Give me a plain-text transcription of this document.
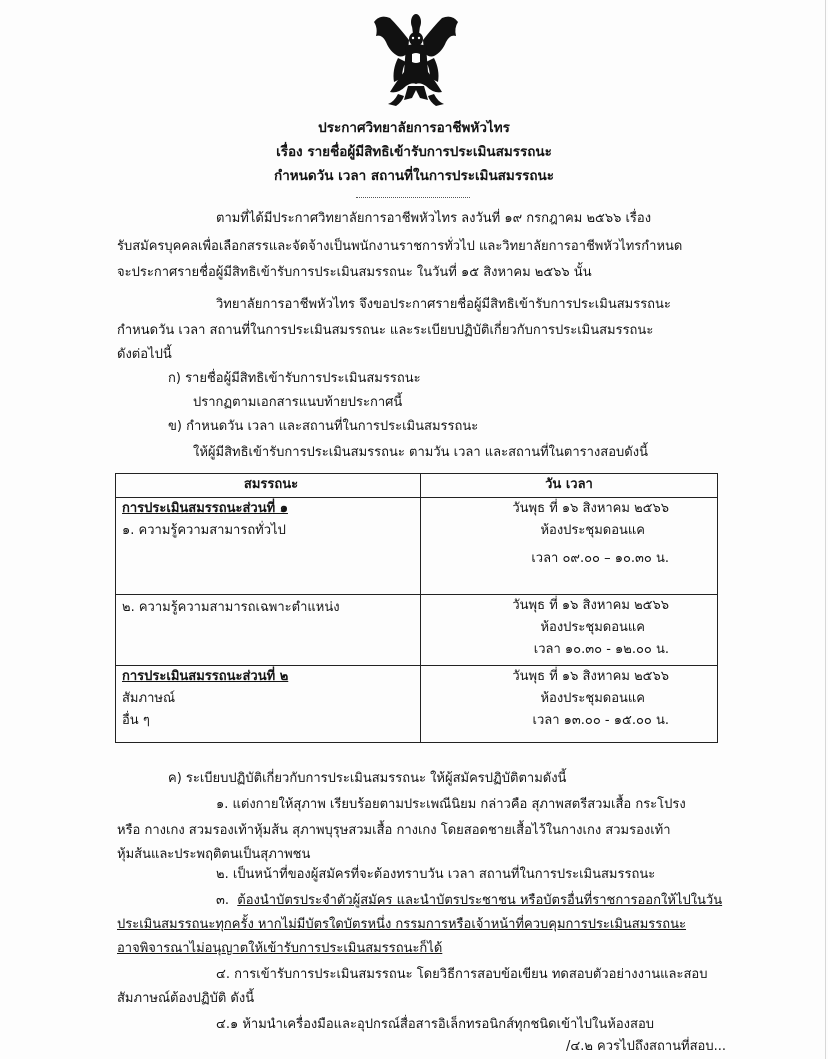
ประกาศวิทยาลัยการอาชีพหัวไทร
เรื่อง รายชื่อผู้มีสิทธิเข้ารับการประเมินสมรรถนะ
กำหนดวัน เวลา สถานที่ในการประเมินสมรรถนะ
ตามที่ได้มีประกาศวิทยาลัยการอาชีพหัวไทร ลงวันที่ ๑๙ กรกฎาคม ๒๕๖๖ เรื่อง
รับสมัครบุคคลเพื่อเลือกสรรและจัดจ้างเป็นพนักงานราชการทั่วไป และวิทยาลัยการอาชีพหัวไทรกำหนด
จะประกาศรายชื่อผู้มีสิทธิเข้ารับการประเมินสมรรถนะ ในวันที่ ๑๕ สิงหาคม ๒๕๖๖ นั้น
วิทยาลัยการอาชีพหัวไทร จึงขอประกาศรายชื่อผู้มีสิทธิเข้ารับการประเมินสมรรถนะ
กำหนดวัน เวลา สถานที่ในการประเมินสมรรถนะ และระเบียบปฏิบัติเกี่ยวกับการประเมินสมรรถนะ
ดังต่อไปนี้
ก) รายชื่อผู้มีสิทธิเข้ารับการประเมินสมรรถนะ
ปรากฏตามเอกสารแนบท้ายประกาศนี้
ข) กำหนดวัน เวลา และสถานที่ในการประเมินสมรรถนะ
ให้ผู้มีสิทธิเข้ารับการประเมินสมรรถนะ ตามวัน เวลา และสถานที่ในตารางสอบดังนี้
สมรรถนะ	วัน เวลา

การประเมินสมรรถนะส่วนที่ ๑
๑. ความรู้ความสามารถทั่วไป	วันพุธ ที่ ๑๖ สิงหาคม ๒๕๖๖
ห้องประชุมดอนแค
เวลา ๐๙.๐๐ – ๑๐.๓๐ น.

๒. ความรู้ความสามารถเฉพาะตำแหน่ง	วันพุธ ที่ ๑๖ สิงหาคม ๒๕๖๖
ห้องประชุมดอนแค
เวลา ๑๐.๓๐ - ๑๒.๐๐ น.

การประเมินสมรรถนะส่วนที่ ๒
สัมภาษณ์
อื่น ๆ	วันพุธ ที่ ๑๖ สิงหาคม ๒๕๖๖
ห้องประชุมดอนแค
เวลา ๑๓.๐๐ - ๑๕.๐๐ น.
ค) ระเบียบปฏิบัติเกี่ยวกับการประเมินสมรรถนะ ให้ผู้สมัครปฏิบัติตามดังนี้
๑. แต่งกายให้สุภาพ เรียบร้อยตามประเพณีนิยม กล่าวคือ สุภาพสตรีสวมเสื้อ กระโปรง
หรือ กางเกง สวมรองเท้าหุ้มส้น สุภาพบุรุษสวมเสื้อ กางเกง โดยสอดชายเสื้อไว้ในกางเกง สวมรองเท้า
หุ้มส้นและประพฤติตนเป็นสุภาพชน
๒. เป็นหน้าที่ของผู้สมัครที่จะต้องทราบวัน เวลา สถานที่ในการประเมินสมรรถนะ
๓. ต้องนำบัตรประจำตัวผู้สมัคร และนำบัตรประชาชน หรือบัตรอื่นที่ราชการออกให้ไปในวัน
ประเมินสมรรถนะทุกครั้ง หากไม่มีบัตรใดบัตรหนึ่ง กรรมการหรือเจ้าหน้าที่ควบคุมการประเมินสมรรถนะ
อาจพิจารณาไม่อนุญาตให้เข้ารับการประเมินสมรรถนะก็ได้
๔. การเข้ารับการประเมินสมรรถนะ โดยวิธีการสอบข้อเขียน ทดสอบตัวอย่างงานและสอบ
สัมภาษณ์ต้องปฏิบัติ ดังนี้
๔.๑ ห้ามนำเครื่องมือและอุปกรณ์สื่อสารอิเล็กทรอนิกส์ทุกชนิดเข้าไปในห้องสอบ
/๔.๒ ควรไปถึงสถานที่สอบ...
